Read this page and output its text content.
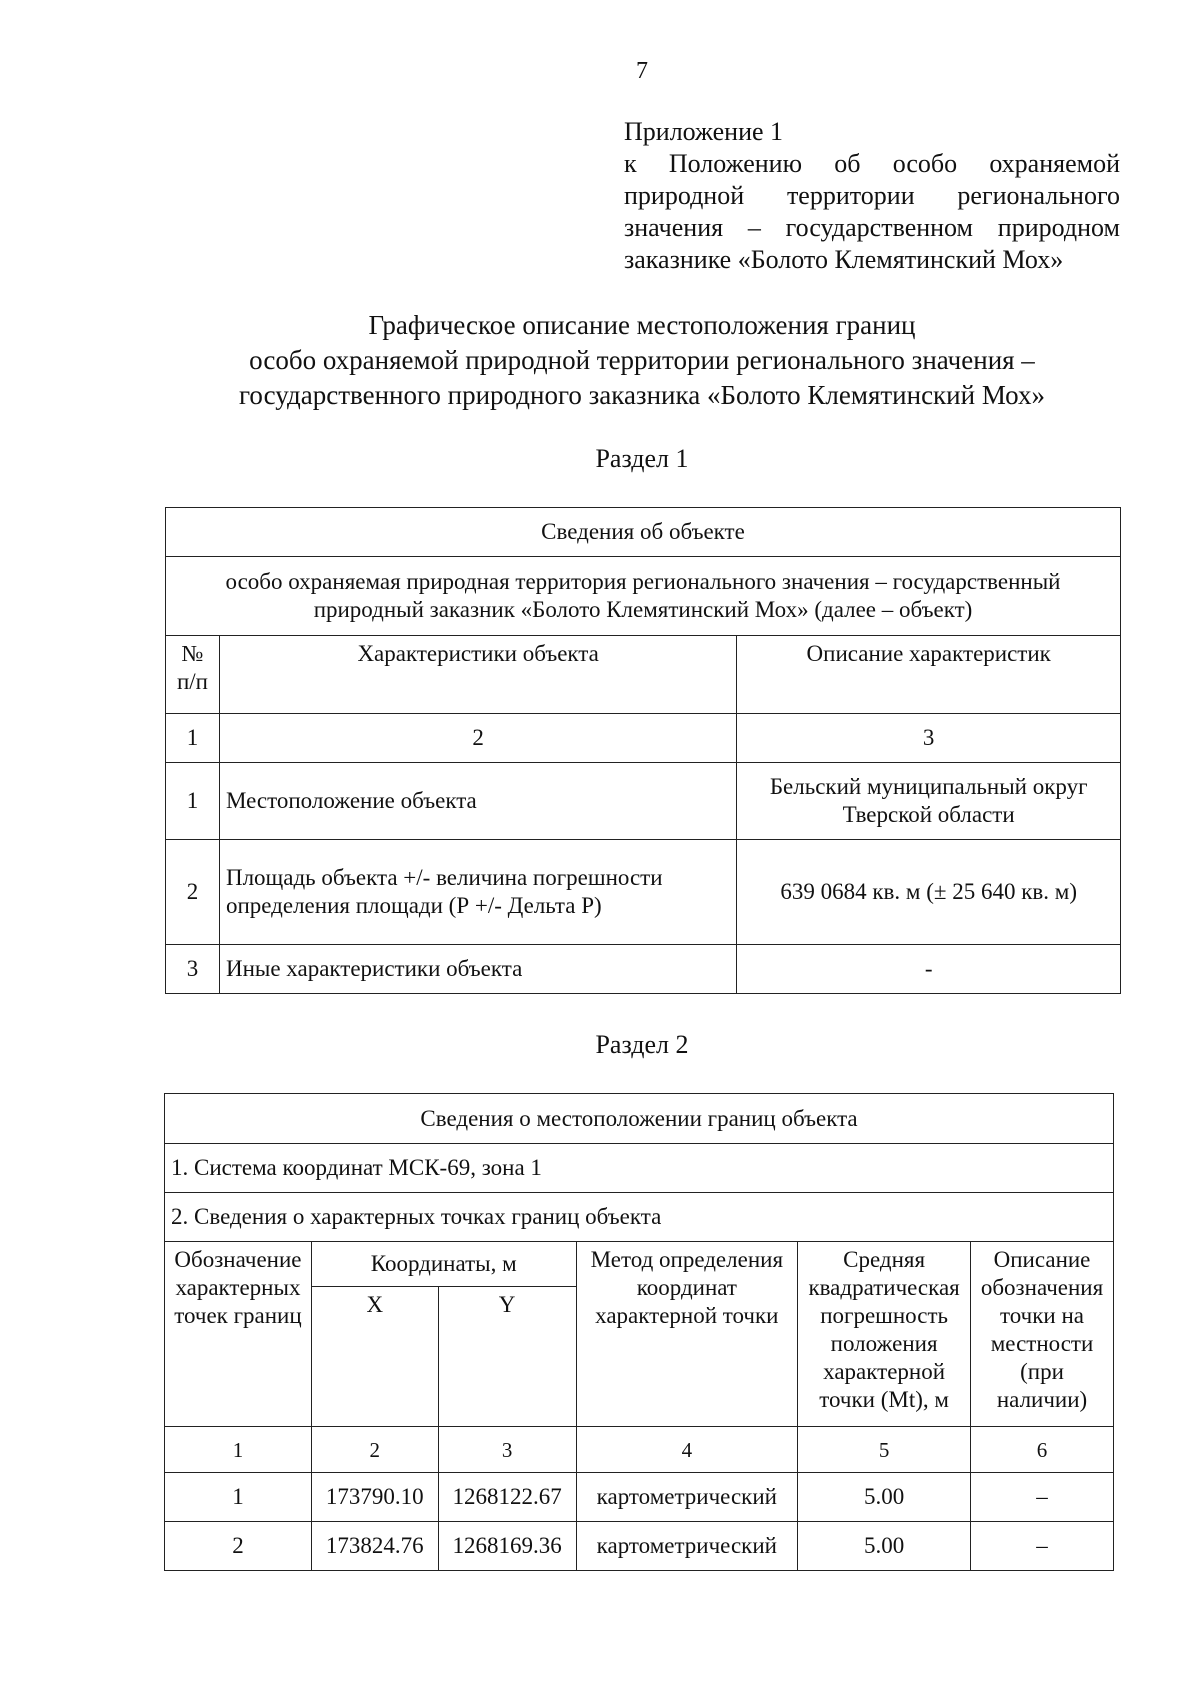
7
Приложение 1
к Положению об особо охраняемой
природной территории регионального
значения – государственном природном
заказнике «Болото Клемятинский Мох»
Графическое описание местоположения границ
особо охраняемой природной территории регионального значения –
государственного природного заказника «Болото Клемятинский Мох»
Раздел 1
Сведения об объекте		
особо охраняемая природная территория регионального значения – государственный природный заказник «Болото Клемятинский Мох» (далее – объект)		
№ п/п	Характеристики объекта	Описание характеристик
1	2	3
1	Местоположение объекта	Бельский муниципальный округ Тверской области
2	Площадь объекта +/- величина погрешности определения площади (Р +/- Дельта Р)	639 0684 кв. м (± 25 640 кв. м)
3	Иные характеристики объекта	-
Раздел 2
Сведения о местоположении границ объекта					
1. Система координат МСК-69, зона 1					
2. Сведения о характерных точках границ объекта					
Обозначение характерных точек границ	Координаты, м		Метод определения координат характерной точки	Средняя квадратическая погрешность положения характерной точки (Mt), м	Описание обозначения точки на местности (при наличии)
	X	Y			
1	2	3	4	5	6
1	173790.10	1268122.67	картометрический	5.00	–
2	173824.76	1268169.36	картометрический	5.00	–
